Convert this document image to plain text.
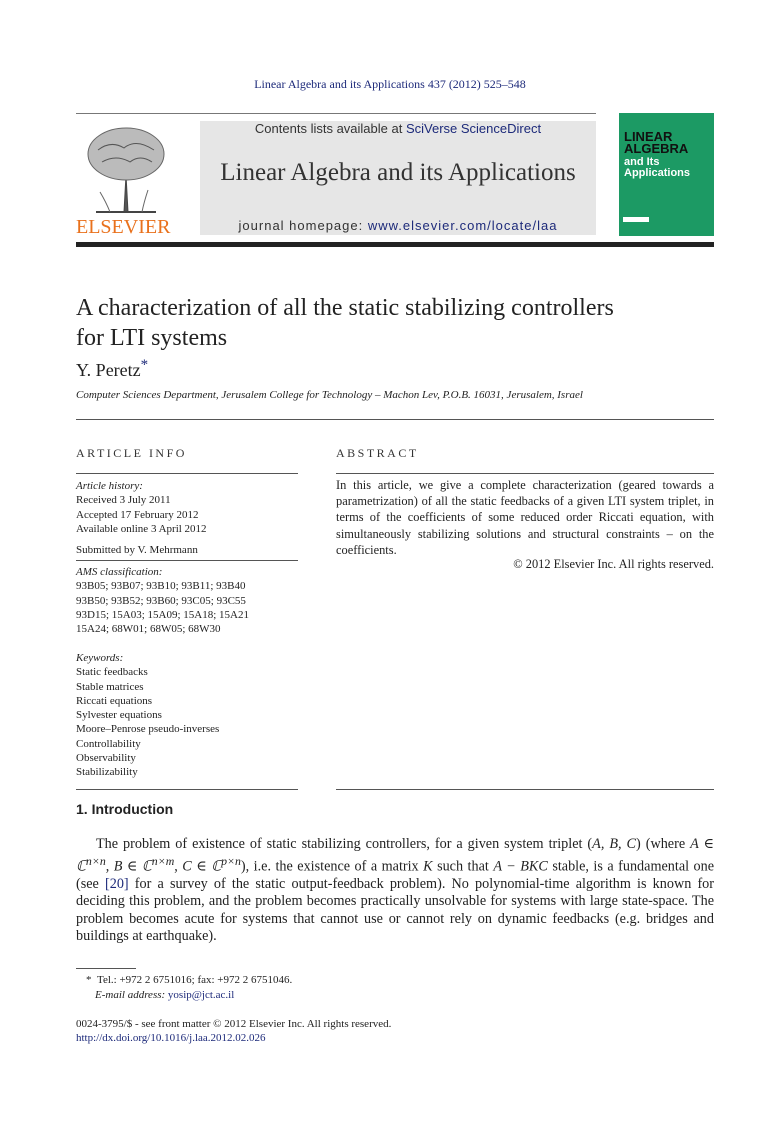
Linear Algebra and its Applications 437 (2012) 525–548
ELSEVIER
Contents lists available at SciVerse ScienceDirect
Linear Algebra and its Applications
journal homepage: www.elsevier.com/locate/laa
LINEAR
ALGEBRA
and Its
Applications
A characterization of all the static stabilizing controllers
for LTI systems
Y. Peretz*
Computer Sciences Department, Jerusalem College for Technology – Machon Lev, P.O.B. 16031, Jerusalem, Israel
ARTICLE INFO
Article history:
Received 3 July 2011
Accepted 17 February 2012
Available online 3 April 2012
Submitted by V. Mehrmann
AMS classification:
93B05; 93B07; 93B10; 93B11; 93B40
93B50; 93B52; 93B60; 93C05; 93C55
93D15; 15A03; 15A09; 15A18; 15A21
15A24; 68W01; 68W05; 68W30
Keywords:
Static feedbacks
Stable matrices
Riccati equations
Sylvester equations
Moore–Penrose pseudo-inverses
Controllability
Observability
Stabilizability
ABSTRACT
In this article, we give a complete characterization (geared towards a parametrization) of all the static feedbacks of a given LTI system triplet, in terms of the coefficients of some reduced order Riccati equation, with simultaneously stabilizing solutions and structural constraints – on the coefficients.
© 2012 Elsevier Inc. All rights reserved.
1. Introduction
The problem of existence of static stabilizing controllers, for a given system triplet (A, B, C) (where A ∈ ℂ$^{n\times n}$, B ∈ ℂ$^{n\times m}$, C ∈ ℂ$^{p\times n}$), i.e. the existence of a matrix K such that A − BKC stable, is a fundamental one (see [20] for a survey of the static output-feedback problem). No polynomial-time algorithm is known for deciding this problem, and the problem becomes practically unsolvable for systems with large state-space. The problem becomes acute for systems that cannot use or cannot rely on dynamic feedbacks (e.g. bridges and buildings at earthquake).
* Tel.: +972 2 6751016; fax: +972 2 6751046.
E-mail address: yosip@jct.ac.il
0024-3795/$ - see front matter © 2012 Elsevier Inc. All rights reserved.
http://dx.doi.org/10.1016/j.laa.2012.02.026
